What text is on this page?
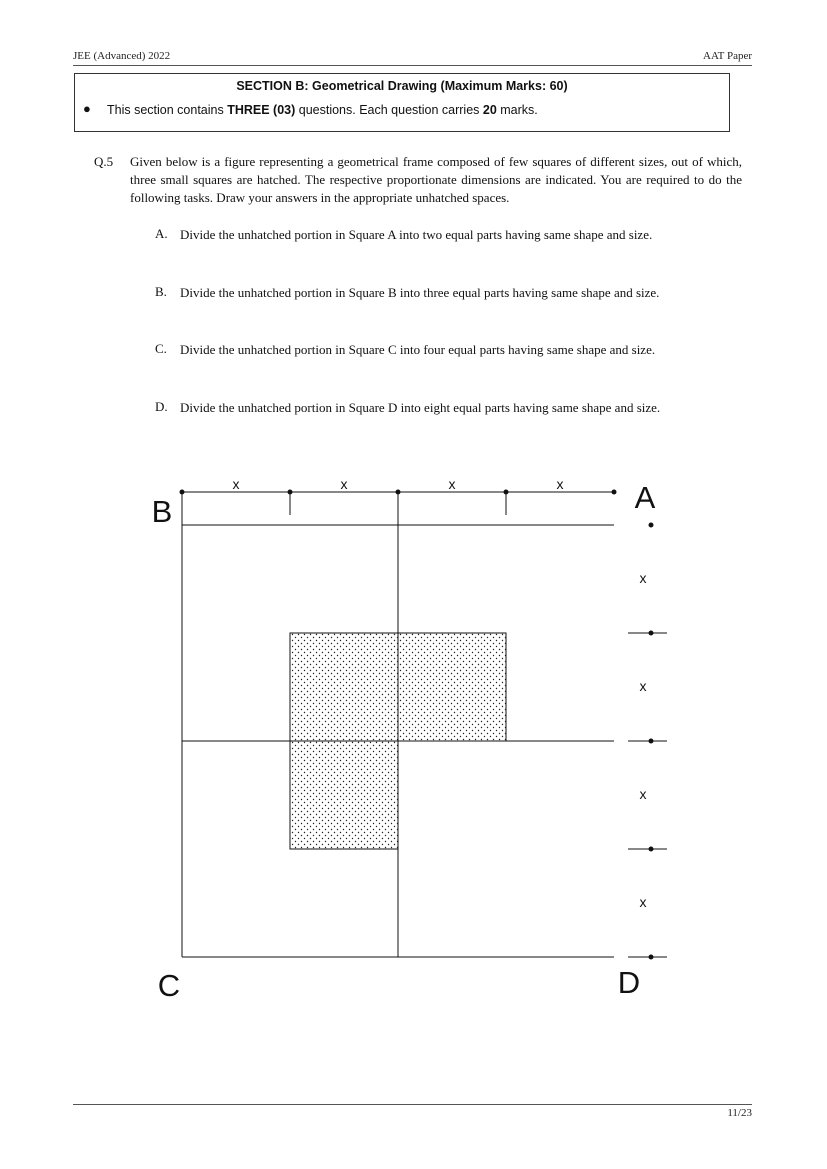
JEE (Advanced) 2022	AAT Paper
SECTION B: Geometrical Drawing (Maximum Marks: 60)
● This section contains THREE (03) questions. Each question carries 20 marks.
Q.5 Given below is a figure representing a geometrical frame composed of few squares of different sizes, out of which, three small squares are hatched. The respective proportionate dimensions are indicated. You are required to do the following tasks. Draw your answers in the appropriate unhatched spaces.

A. Divide the unhatched portion in Square A into two equal parts having same shape and size.

B. Divide the unhatched portion in Square B into three equal parts having same shape and size.

C. Divide the unhatched portion in Square C into four equal parts having same shape and size.

D. Divide the unhatched portion in Square D into eight equal parts having same shape and size.

x	x	x	x
x
x
x
x
A
B
C	D
11/23
